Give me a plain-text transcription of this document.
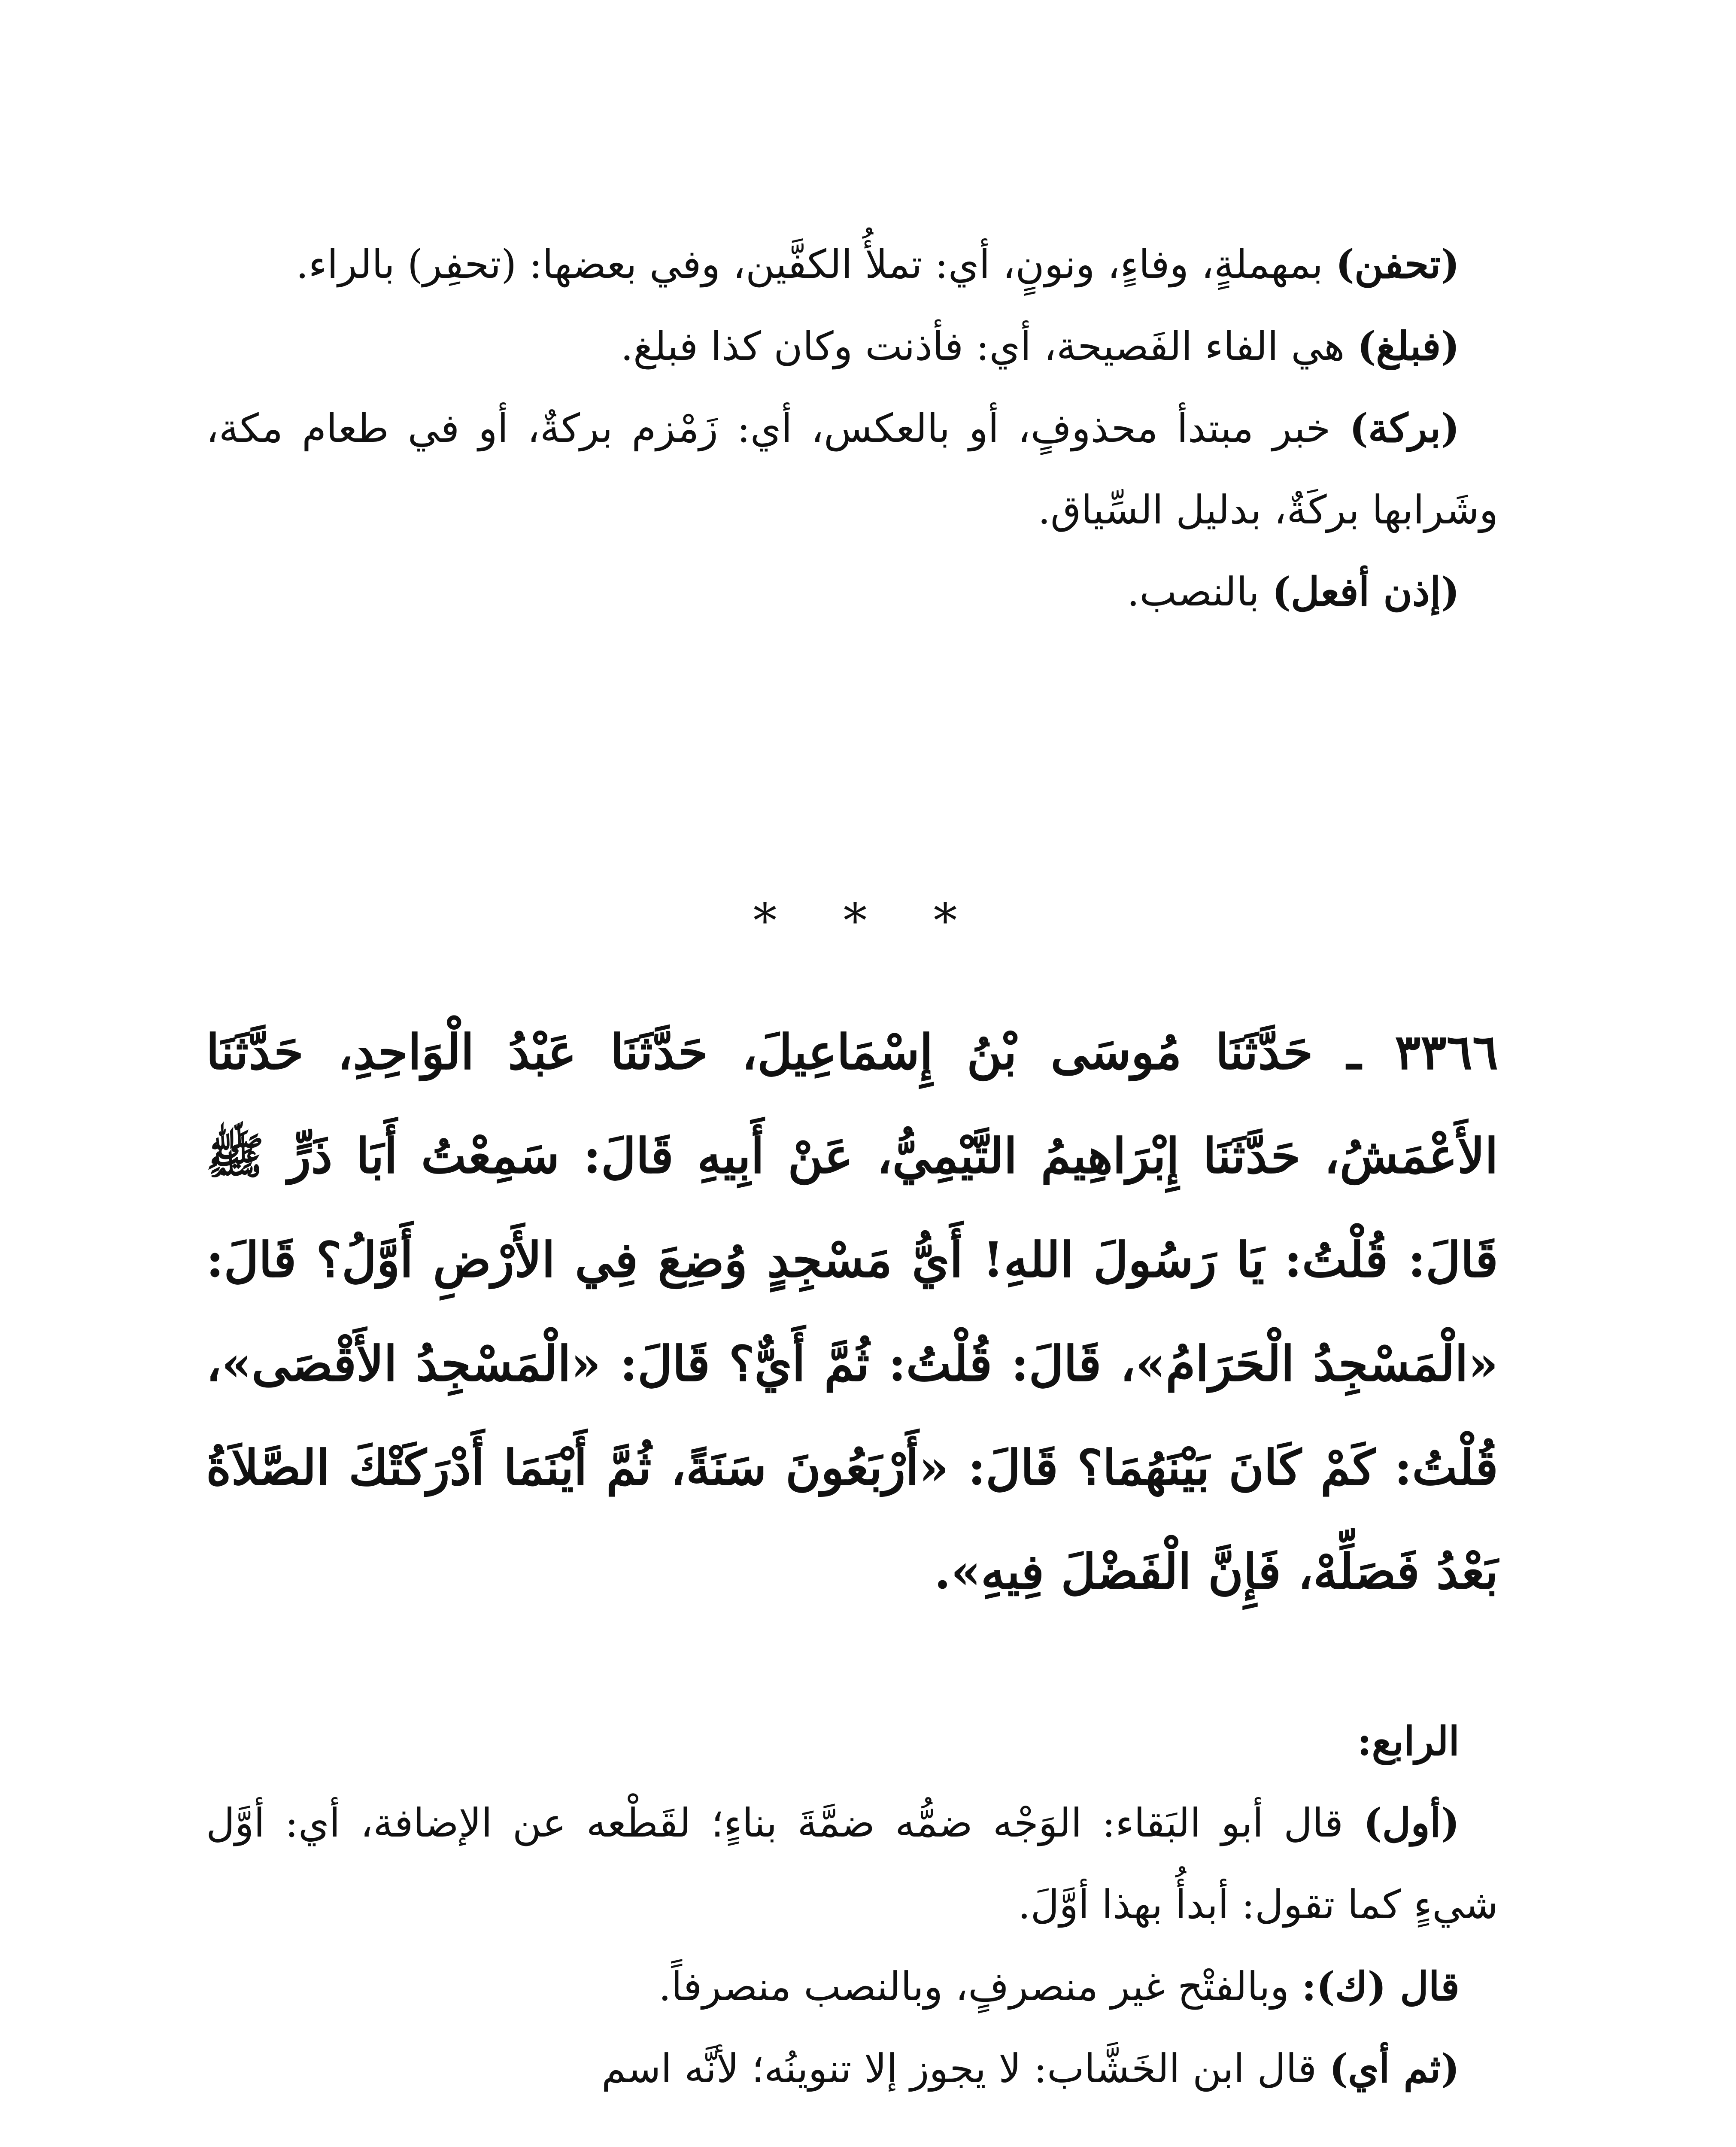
(تحفن) بمهملةٍ، وفاءٍ، ونونٍ، أي: تملأُ الكفَّين، وفي بعضها: (تحفِر) بالراء.

(فبلغ) هي الفاء الفَصيحة، أي: فأذنت وكان كذا فبلغ.

(بركة) خبر مبتدأ محذوفٍ، أو بالعكس، أي: زَمْزم بركةٌ، أو في طعام مكة، وشَرابها بركَةٌ، بدليل السِّياق.

(إذن أفعل) بالنصب.

* * *

٣٣٦٦ ـ حَدَّثَنَا مُوسَى بْنُ إِسْمَاعِيلَ، حَدَّثَنَا عَبْدُ الْوَاحِدِ، حَدَّثَنَا الأَعْمَشُ، حَدَّثَنَا إِبْرَاهِيمُ التَّيْمِيُّ، عَنْ أَبِيهِ قَالَ: سَمِعْتُ أَبَا ذَرٍّ ﷺ قَالَ: قُلْتُ: يَا رَسُولَ اللهِ! أَيُّ مَسْجِدٍ وُضِعَ فِي الأَرْضِ أَوَّلُ؟ قَالَ: «الْمَسْجِدُ الْحَرَامُ»، قَالَ: قُلْتُ: ثُمَّ أَيٌّ؟ قَالَ: «الْمَسْجِدُ الأَقْصَى»، قُلْتُ: كَمْ كَانَ بَيْنَهُمَا؟ قَالَ: «أَرْبَعُونَ سَنَةً، ثُمَّ أَيْنَمَا أَدْرَكَتْكَ الصَّلاَةُ بَعْدُ فَصَلِّهْ، فَإِنَّ الْفَضْلَ فِيهِ».

الرابع:

(أول) قال أبو البَقاء: الوَجْه ضمُّه ضمَّةَ بناءٍ؛ لقَطْعه عن الإضافة، أي: أوَّل شيءٍ كما تقول: أبدأُ بهذا أوَّلَ.

قال (ك): وبالفتْح غير منصرفٍ، وبالنصب منصرفاً.

(ثم أي) قال ابن الخَشَّاب: لا يجوز إلا تنوينُه؛ لأنَّه اسم
